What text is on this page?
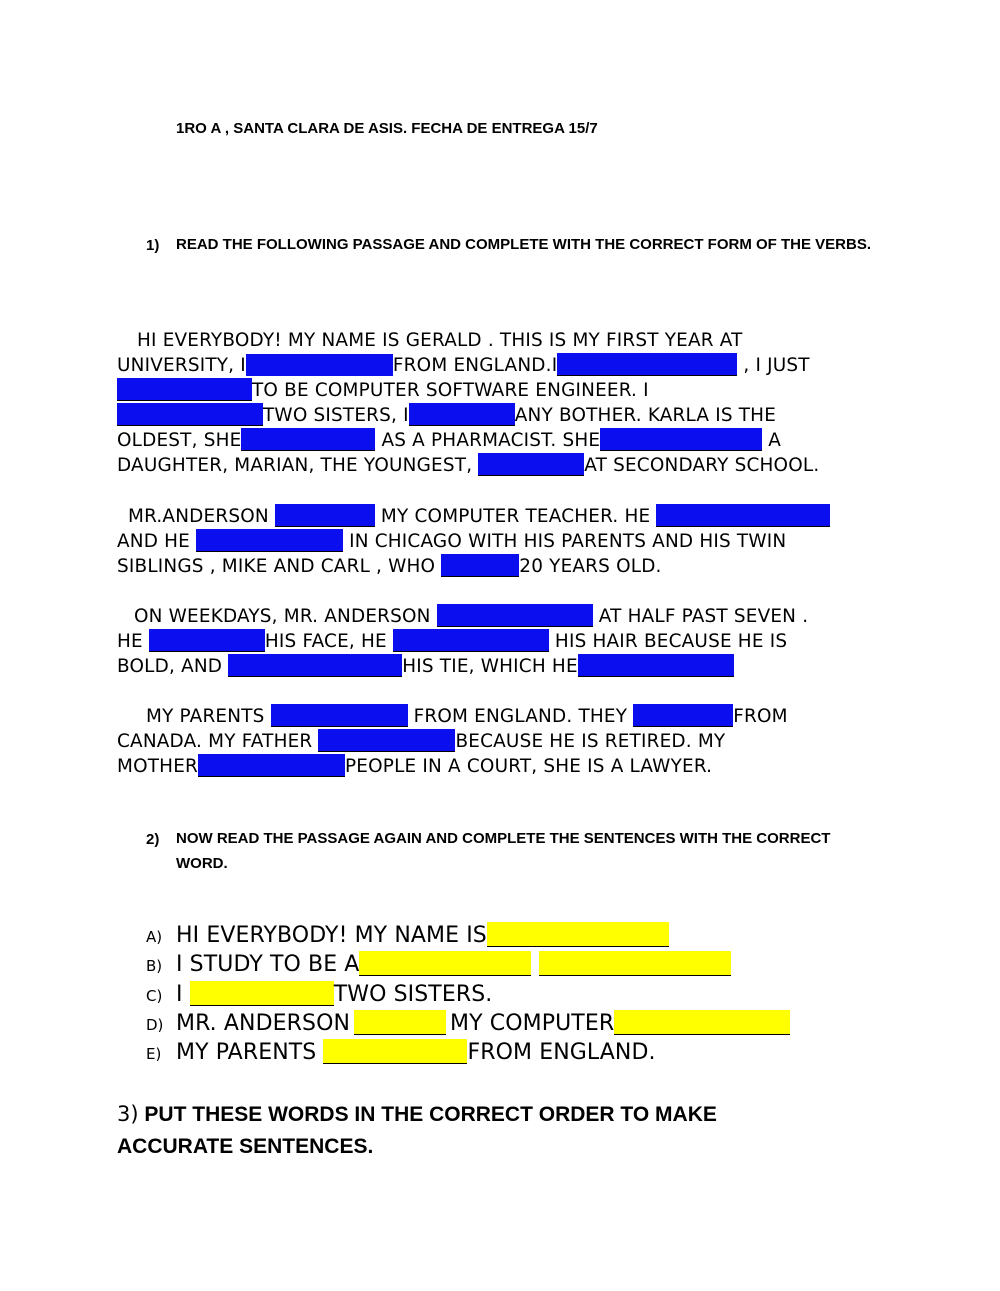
1RO A , SANTA CLARA DE ASIS. FECHA DE ENTREGA 15/7
1) READ THE FOLLOWING PASSAGE AND COMPLETE WITH THE CORRECT FORM OF THE VERBS.
HI EVERYBODY! MY NAME IS GERALD . THIS IS MY FIRST YEAR AT
UNIVERSITY, I	FROM ENGLAND.I	, I JUST
TO BE COMPUTER SOFTWARE ENGINEER. I
TWO SISTERS, I	ANY BOTHER. KARLA IS THE
OLDEST, SHE	AS A PHARMACIST. SHE	A
DAUGHTER, MARIAN, THE YOUNGEST,	AT SECONDARY SCHOOL.
MR.ANDERSON	MY COMPUTER TEACHER. HE
AND HE	IN CHICAGO WITH HIS PARENTS AND HIS TWIN
SIBLINGS , MIKE AND CARL , WHO	20 YEARS OLD.
ON WEEKDAYS, MR. ANDERSON	AT HALF PAST SEVEN .
HE	HIS FACE, HE	HIS HAIR BECAUSE HE IS
BOLD, AND	HIS TIE, WHICH HE
MY PARENTS	FROM ENGLAND. THEY	FROM
CANADA. MY FATHER	BECAUSE HE IS RETIRED. MY
MOTHER	PEOPLE IN A COURT, SHE IS A LAWYER.
2) NOW READ THE PASSAGE AGAIN AND COMPLETE THE SENTENCES WITH THE CORRECT WORD.
A) HI EVERYBODY! MY NAME IS
B) I STUDY TO BE A
C) I	TWO SISTERS.
D) MR. ANDERSON	MY COMPUTER
E) MY PARENTS	FROM ENGLAND.
3) PUT THESE WORDS IN THE CORRECT ORDER TO MAKE ACCURATE SENTENCES.
